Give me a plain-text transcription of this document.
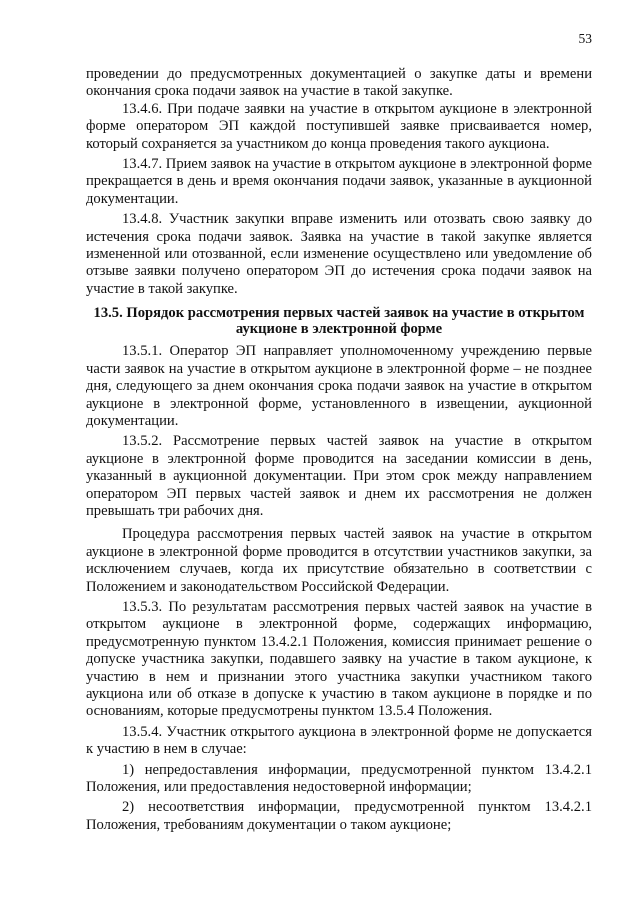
53

проведении до предусмотренных документацией о закупке даты и времени окончания срока подачи заявок на участие в такой закупке.

13.4.6. При подаче заявки на участие в открытом аукционе в электронной форме оператором ЭП каждой поступившей заявке присваивается номер, который сохраняется за участником до конца проведения такого аукциона.

13.4.7. Прием заявок на участие в открытом аукционе в электронной форме прекращается в день и время окончания подачи заявок, указанные в аукционной документации.

13.4.8. Участник закупки вправе изменить или отозвать свою заявку до истечения срока подачи заявок. Заявка на участие в такой закупке является измененной или отозванной, если изменение осуществлено или уведомление об отзыве заявки получено оператором ЭП до истечения срока подачи заявок на участие в такой закупке.

13.5. Порядок рассмотрения первых частей заявок на участие в открытом аукционе в электронной форме

13.5.1. Оператор ЭП направляет уполномоченному учреждению первые части заявок на участие в открытом аукционе в электронной форме – не позднее дня, следующего за днем окончания срока подачи заявок на участие в открытом аукционе в электронной форме, установленного в извещении, аукционной документации.

13.5.2. Рассмотрение первых частей заявок на участие в открытом аукционе в электронной форме проводится на заседании комиссии в день, указанный в аукционной документации. При этом срок между направлением оператором ЭП первых частей заявок и днем их рассмотрения не должен превышать три рабочих дня.

Процедура рассмотрения первых частей заявок на участие в открытом аукционе в электронной форме проводится в отсутствии участников закупки, за исключением случаев, когда их присутствие обязательно в соответствии с Положением и законодательством Российской Федерации.

13.5.3. По результатам рассмотрения первых частей заявок на участие в открытом аукционе в электронной форме, содержащих информацию, предусмотренную пунктом 13.4.2.1 Положения, комиссия принимает решение о допуске участника закупки, подавшего заявку на участие в таком аукционе, к участию в нем и признании этого участника закупки участником такого аукциона или об отказе в допуске к участию в таком аукционе в порядке и по основаниям, которые предусмотрены пунктом 13.5.4 Положения.

13.5.4. Участник открытого аукциона в электронной форме не допускается к участию в нем в случае:

1) непредоставления информации, предусмотренной пунктом 13.4.2.1 Положения, или предоставления недостоверной информации;

2) несоответствия информации, предусмотренной пунктом 13.4.2.1 Положения, требованиям документации о таком аукционе;
